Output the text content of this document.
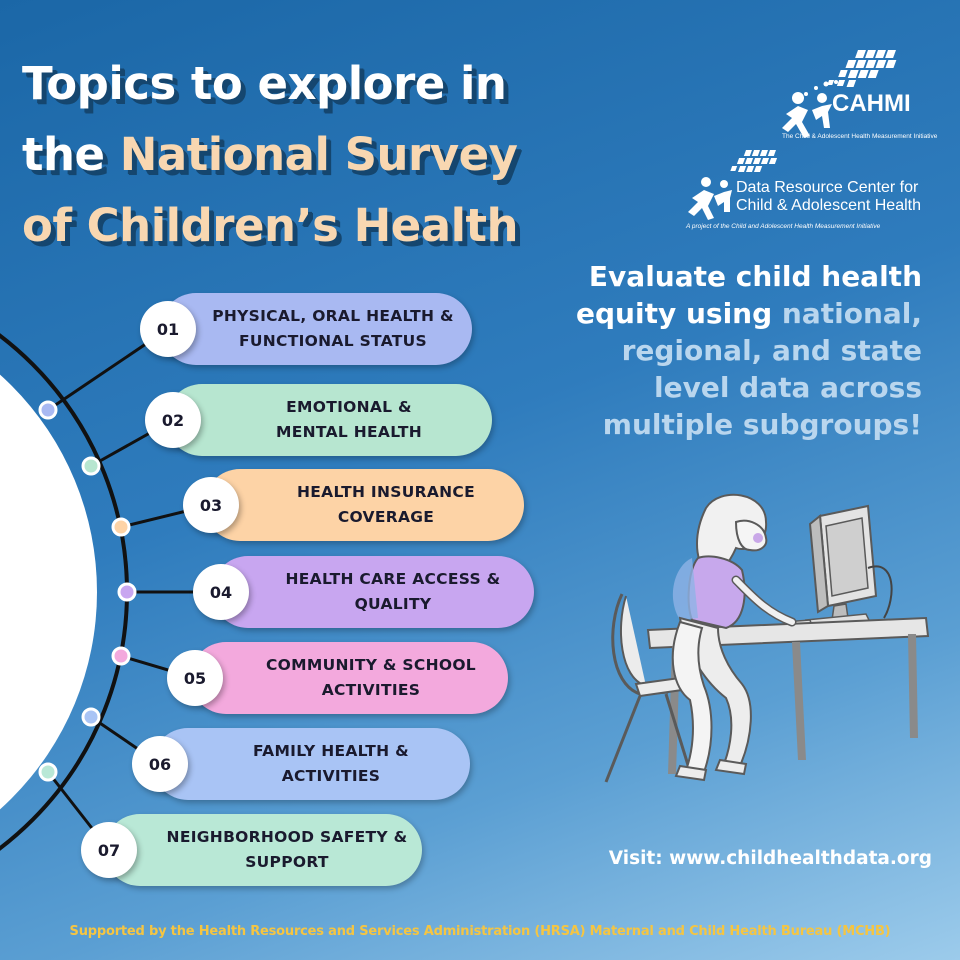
Topics to explore in
the National Survey
of Children’s Health
CAHMI
The Child & Adolescent Health Measurement Initiative
Data Resource Center for
Child & Adolescent Health
A project of the Child and Adolescent Health Measurement Initiative

Evaluate child health
equity using national,
regional, and state
level data across
multiple subgroups!

PHYSICAL, ORAL HEALTH &
FUNCTIONAL STATUS
01
EMOTIONAL &
MENTAL HEALTH
02
HEALTH INSURANCE
COVERAGE
03
HEALTH CARE ACCESS &
QUALITY
04
COMMUNITY & SCHOOL
ACTIVITIES
05
FAMILY HEALTH &
ACTIVITIES
06
NEIGHBORHOOD SAFETY &
SUPPORT
07	Visit: www.childhealthdata.org

Supported by the Health Resources and Services Administration (HRSA) Maternal and Child Health Bureau (MCHB)
